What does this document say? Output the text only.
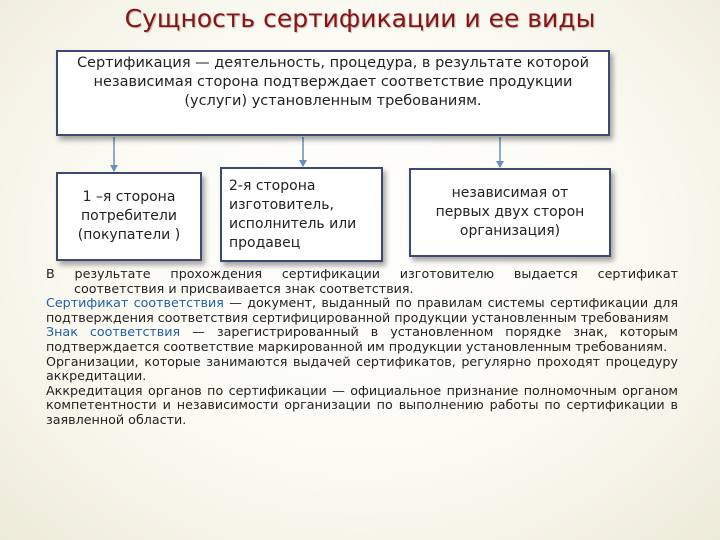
Сущность сертификации и ее виды
Сертификация — деятельность, процедура, в результате которой независимая сторона подтверждает соответствие продукции (услуги) установленным требованиям.
1 –я сторона потребители (покупатели )
2-я сторона изготовитель, исполнитель или продавец
независимая от первых двух сторон организация)

В результате прохождения сертификации изготовителю выдается сертификат
соответствия и присваивается знак соответствия.

Сертификат соответствия — документ, выданный по правилам системы сертификации для подтверждения соответствия сертифицированной продукции установленным требованиям

Знак соответствия — зарегистрированный в установленном порядке знак, которым подтверждается соответствие маркированной им продукции установленным требованиям.

Организации, которые занимаются выдачей сертификатов, регулярно проходят процедуру аккредитации.

Аккредитация органов по сертификации — официальное признание полномочным органом компетентности и независимости организации по выполнению работы по сертификации в заявленной области.
